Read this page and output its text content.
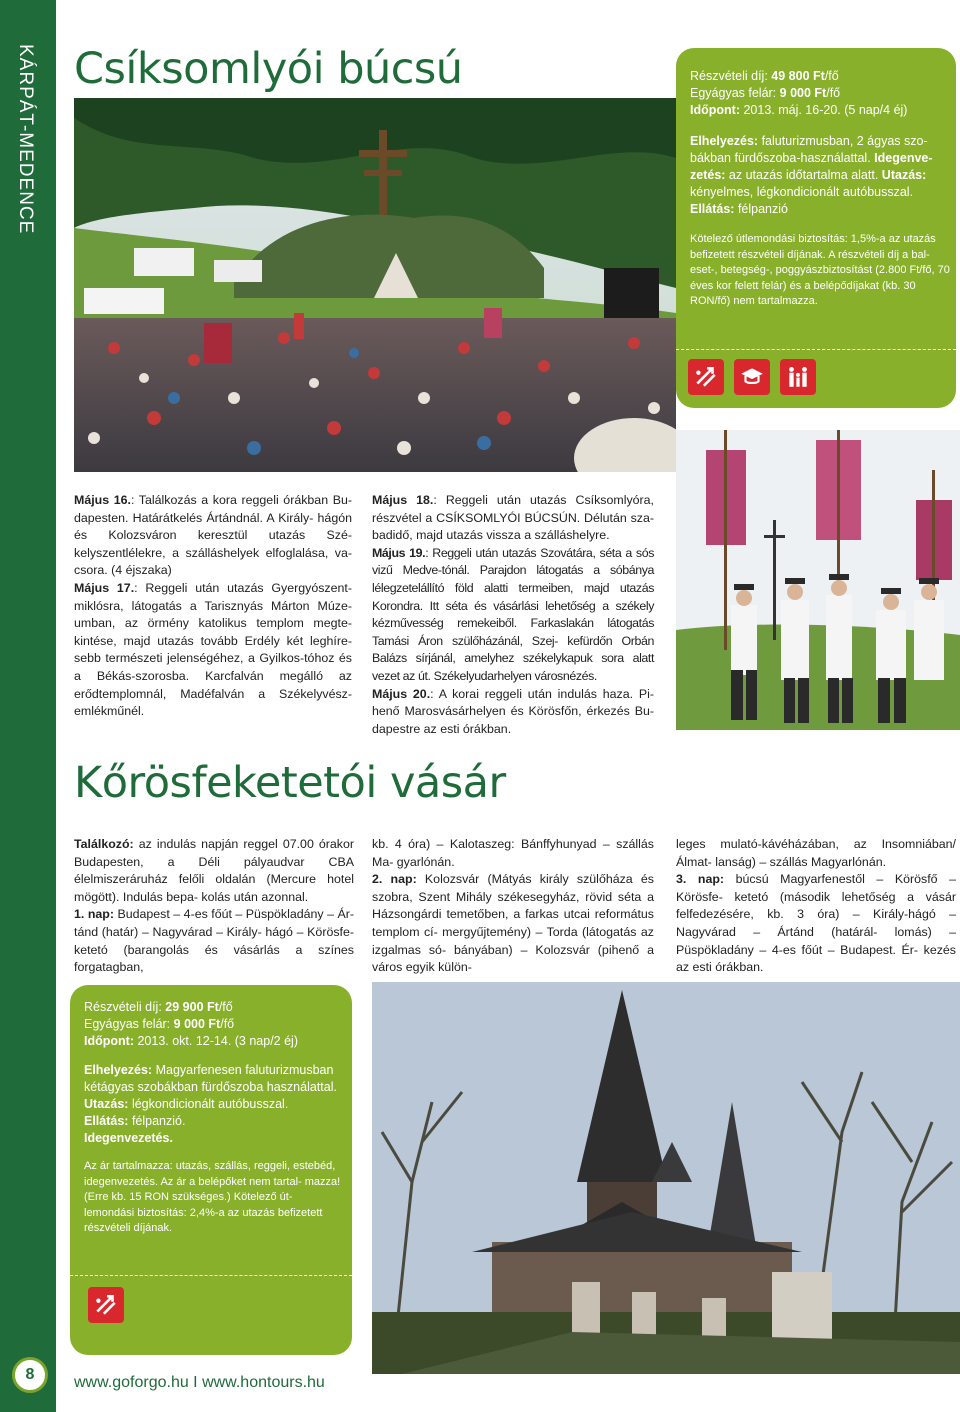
KÁRPÁT-MEDENCE
8
Csíksomlyói búcsú	Részvételi díj: 49 800 Ft/fő

Egyágyas felár: 9 000 Ft/fő

Időpont: 2013. máj. 16-20. (5 nap/4 éj)

Elhelyezés: faluturizmusban, 2 ágyas szo- bákban fürdőszoba-használattal. Idegenve- zetés: az utazás időtartalma alatt. Utazás: kényelmes, légkondicionált autóbusszal. Ellátás: félpanzió

Kötelező útlemondási biztosítás: 1,5%-a az utazás befizetett részvételi díjának. A részvételi díj a bal- eset-, betegség-, poggyászbiztosítást (2.800 Ft/fő, 70 éves kor felett felár) és a belépődíjakat (kb. 30 RON/fő) nem tartalmazza.

Május 16.: Találkozás a kora reggeli órákban Bu- dapesten. Határátkelés Ártándnál. A Király- hágón és Kolozsváron keresztül utazás Szé- kelyszentlélekre, a szálláshelyek elfoglalása, va- csora. (4 éjszaka)

Május 17.: Reggeli után utazás Gyergyószent- miklósra, látogatás a Tarisznyás Márton Múze- umban, az örmény katolikus templom megte- kintése, majd utazás tovább Erdély két leghíre- sebb természeti jelenségéhez, a Gyilkos-tóhoz és a Békás-szorosba. Karcfalván megálló az erődtemplomnál, Madéfalván a Székelyvész- emlékműnél.

Május 18.: Reggeli után utazás Csíksomlyóra, részvétel a CSÍKSOMLYÓI BÚCSÚN. Délután sza- badidő, majd utazás vissza a szálláshelyre.

Május 19.: Reggeli után utazás Szovátára, séta a sós vizű Medve-tónál. Parajdon látogatás a sóbánya lélegzetelállító föld alatti termeiben, majd utazás Korondra. Itt séta és vásárlási lehetőség a székely kézművesség remekeiből. Farkaslakán látogatás Tamási Áron szülőházánál, Szej- kefürdőn Orbán Balázs sírjánál, amelyhez székelykapuk sora alatt vezet az út. Székelyudarhelyen városnézés.

Május 20.: A korai reggeli után indulás haza. Pi- henő Marosvásárhelyen és Körösfőn, érkezés Bu- dapestre az esti órákban.

Kőrösfeketetói vásár

Találkozó: az indulás napján reggel 07.00 órakor Budapesten, a Déli pályaudvar CBA élelmiszeráruház felőli oldalán (Mercure hotel mögött). Indulás bepa- kolás után azonnal.

1. nap: Budapest – 4-es főút – Püspökladány – Ár- tánd (határ) – Nagyvárad – Király- hágó – Körösfe- ketetó (barangolás és vásárlás a színes forgatagban,

kb. 4 óra) – Kalotaszeg: Bánffyhunyad – szállás Ma- gyarlónán.

2. nap: Kolozsvár (Mátyás király szülőháza és szobra, Szent Mihály székesegyház, rövid séta a Házsongárdi temetőben, a farkas utcai református templom cí- mergyűjtemény) – Torda (látogatás az izgalmas só- bányában) – Kolozsvár (pihenő a város egyik külön-

leges mulató-kávéházában, az Insomniában/Álmat- lanság) – szállás Magyarlónán.

3. nap: búcsú Magyarfenestől – Körösfő – Körösfe- ketetó (második lehetőség a vásár felfedezésére, kb. 3 óra) – Király-hágó – Nagyvárad – Ártánd (határál- lomás) – Püspökladány – 4-es főút – Budapest. Ér- kezés az esti órákban.

Részvételi díj: 29 900 Ft/fő

Egyágyas felár: 9 000 Ft/fő

Időpont: 2013. okt. 12-14. (3 nap/2 éj)

Elhelyezés: Magyarfenesen faluturizmusban kétágyas szobákban fürdőszoba használattal.

Utazás: légkondicionált autóbusszal.

Ellátás: félpanzió.

Idegenvezetés.

Az ár tartalmazza: utazás, szállás, reggeli, estebéd, idegenvezetés. Az ár a belépőket nem tartal- mazza! (Erre kb. 15 RON szükséges.) Kötelező út- lemondási biztosítás: 2,4%-a az utazás befizetett részvételi díjának.

www.goforgo.hu I www.hontours.hu
